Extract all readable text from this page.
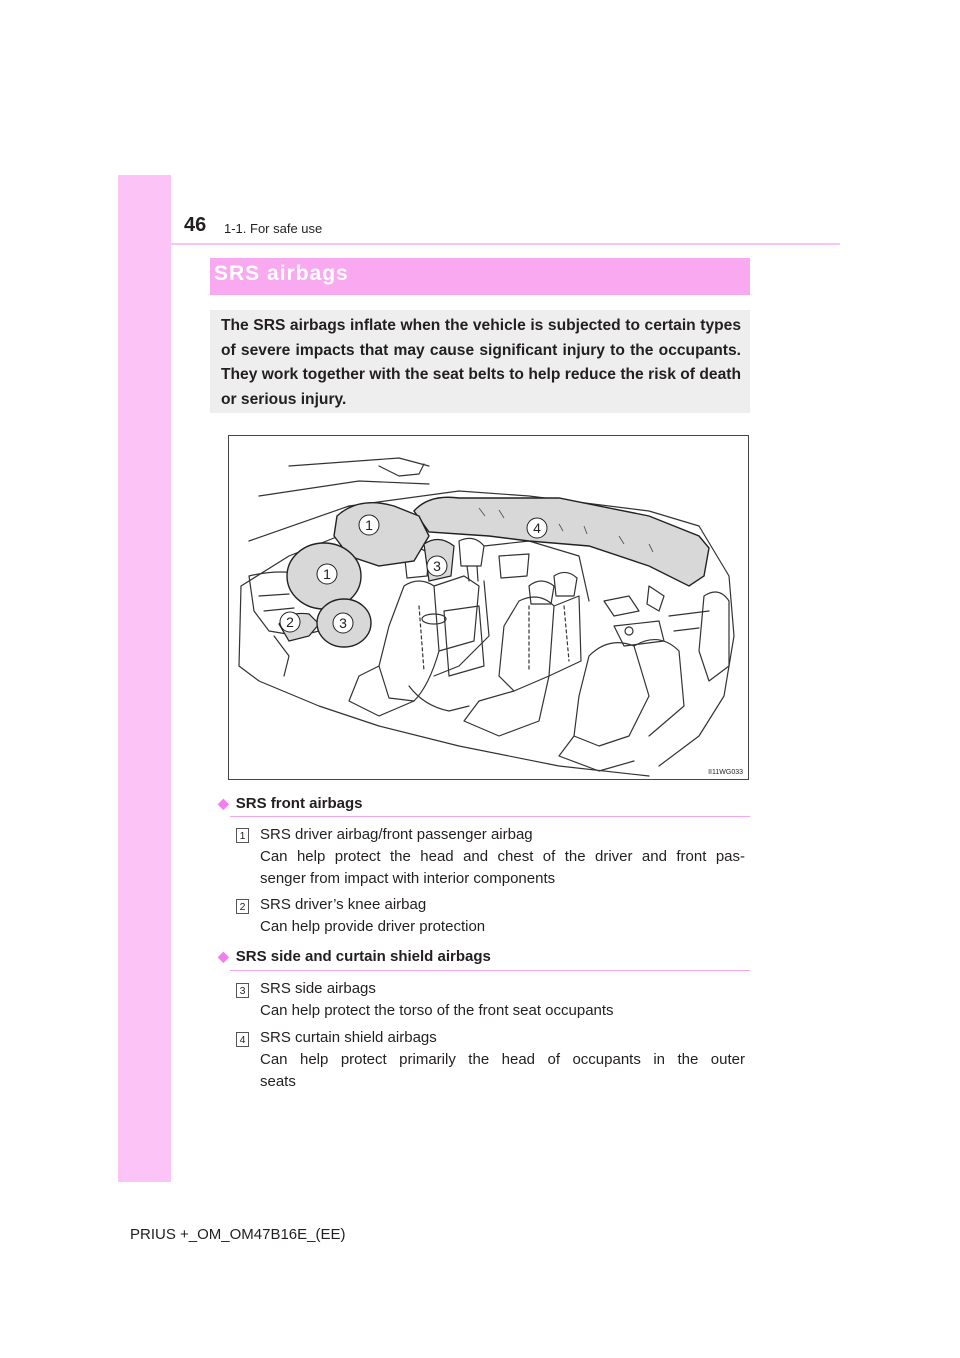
46 1-1. For safe use
SRS airbags
The SRS airbags inflate when the vehicle is subjected to certain types of severe impacts that may cause significant injury to the occupants. They work together with the seat belts to help reduce the risk of death or serious injury.
1
1
2
3
3
4
II11WG033
◆ SRS front airbags
1 SRS driver airbag/front passenger airbag
Can help protect the head and chest of the driver and front pas-
senger from impact with interior components
2 SRS driver’s knee airbag
Can help provide driver protection
◆ SRS side and curtain shield airbags
3 SRS side airbags
Can help protect the torso of the front seat occupants
4 SRS curtain shield airbags
Can help protect primarily the head of occupants in the outer
seats
PRIUS +_OM_OM47B16E_(EE)
